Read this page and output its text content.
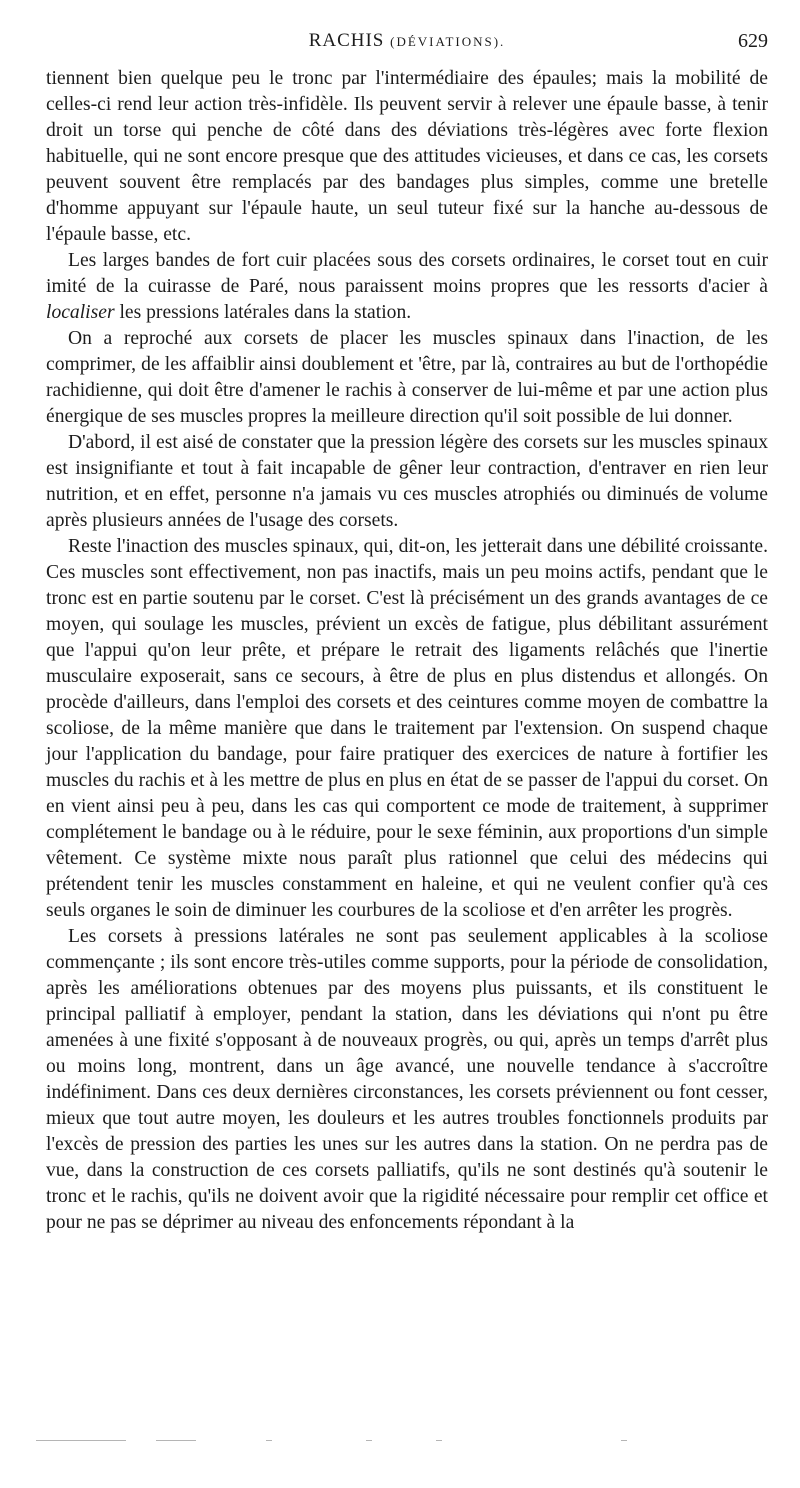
RACHIS (DÉVIATIONS).	629

tiennent bien quelque peu le tronc par l'intermédiaire des épaules; mais la mobilité de celles-ci rend leur action très-infidèle. Ils peuvent servir à relever une épaule basse, à tenir droit un torse qui penche de côté dans des déviations très-légères avec forte flexion habituelle, qui ne sont encore presque que des attitudes vicieuses, et dans ce cas, les corsets peuvent souvent être remplacés par des bandages plus simples, comme une bretelle d'homme appuyant sur l'épaule haute, un seul tuteur fixé sur la hanche au-dessous de l'épaule basse, etc.

Les larges bandes de fort cuir placées sous des corsets ordinaires, le corset tout en cuir imité de la cuirasse de Paré, nous paraissent moins propres que les ressorts d'acier à localiser les pressions latérales dans la station.

On a reproché aux corsets de placer les muscles spinaux dans l'inaction, de les comprimer, de les affaiblir ainsi doublement et 'être, par là, contraires au but de l'orthopédie rachidienne, qui doit être d'amener le rachis à conserver de lui-même et par une action plus énergique de ses muscles propres la meilleure direction qu'il soit possible de lui donner.

D'abord, il est aisé de constater que la pression légère des corsets sur les muscles spinaux est insignifiante et tout à fait incapable de gêner leur contraction, d'entraver en rien leur nutrition, et en effet, personne n'a jamais vu ces muscles atrophiés ou diminués de volume après plusieurs années de l'usage des corsets.

Reste l'inaction des muscles spinaux, qui, dit-on, les jetterait dans une débilité croissante. Ces muscles sont effectivement, non pas inactifs, mais un peu moins actifs, pendant que le tronc est en partie soutenu par le corset. C'est là précisément un des grands avantages de ce moyen, qui soulage les muscles, prévient un excès de fatigue, plus débilitant assurément que l'appui qu'on leur prête, et prépare le retrait des ligaments relâchés que l'inertie musculaire exposerait, sans ce secours, à être de plus en plus distendus et allongés. On procède d'ailleurs, dans l'emploi des corsets et des ceintures comme moyen de combattre la scoliose, de la même manière que dans le traitement par l'extension. On suspend chaque jour l'application du bandage, pour faire pratiquer des exercices de nature à fortifier les muscles du rachis et à les mettre de plus en plus en état de se passer de l'appui du corset. On en vient ainsi peu à peu, dans les cas qui comportent ce mode de traitement, à supprimer complétement le bandage ou à le réduire, pour le sexe féminin, aux proportions d'un simple vêtement. Ce système mixte nous paraît plus rationnel que celui des médecins qui prétendent tenir les muscles constamment en haleine, et qui ne veulent confier qu'à ces seuls organes le soin de diminuer les courbures de la scoliose et d'en arrêter les progrès.

Les corsets à pressions latérales ne sont pas seulement applicables à la scoliose commençante ; ils sont encore très-utiles comme supports, pour la période de consolidation, après les améliorations obtenues par des moyens plus puissants, et ils constituent le principal palliatif à employer, pendant la station, dans les déviations qui n'ont pu être amenées à une fixité s'opposant à de nouveaux progrès, ou qui, après un temps d'arrêt plus ou moins long, montrent, dans un âge avancé, une nouvelle tendance à s'accroître indéfiniment. Dans ces deux dernières circonstances, les corsets préviennent ou font cesser, mieux que tout autre moyen, les douleurs et les autres troubles fonctionnels produits par l'excès de pression des parties les unes sur les autres dans la station. On ne perdra pas de vue, dans la construction de ces corsets palliatifs, qu'ils ne sont destinés qu'à soutenir le tronc et le rachis, qu'ils ne doivent avoir que la rigidité nécessaire pour remplir cet office et pour ne pas se déprimer au niveau des enfoncements répondant à la
